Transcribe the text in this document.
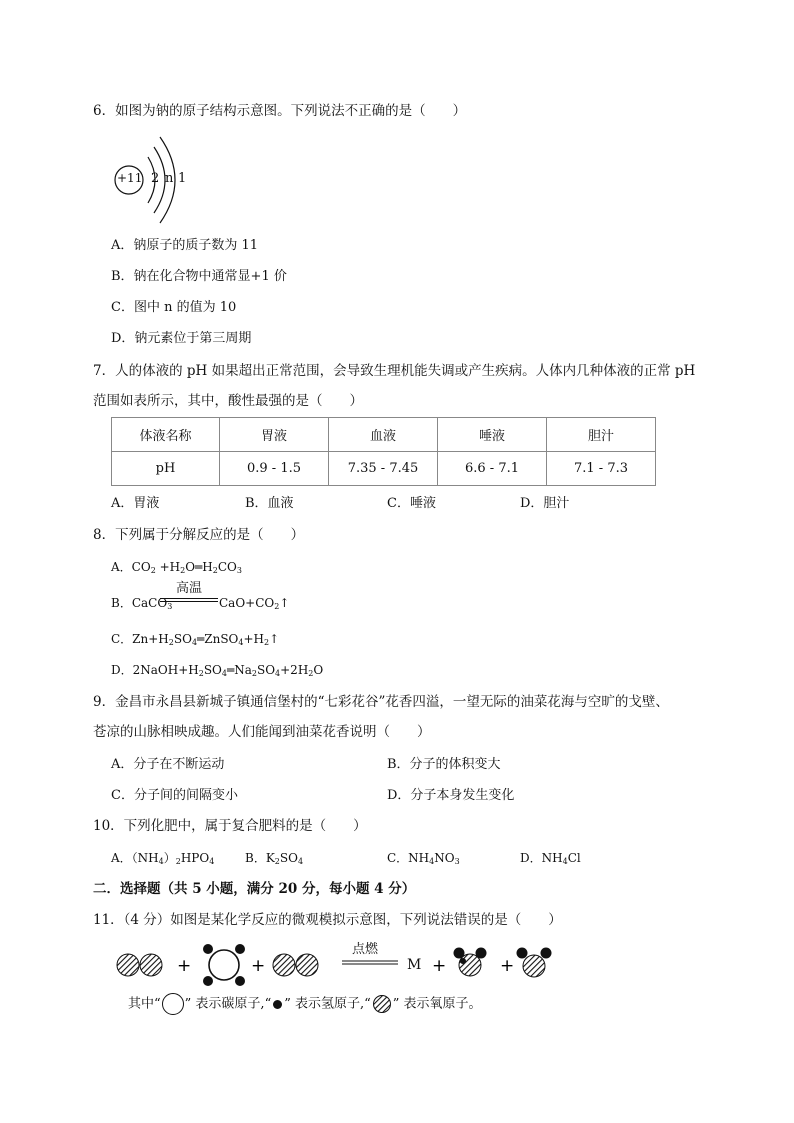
6．如图为钠的原子结构示意图。下列说法不正确的是（　　）
+11 2 n 1
A．钠原子的质子数为 11
B．钠在化合物中通常显+1 价
C．图中 n 的值为 10
D．钠元素位于第三周期
7．人的体液的 pH 如果超出正常范围，会导致生理机能失调或产生疾病。人体内几种体液的正常 pH
范围如表所示，其中，酸性最强的是（　　）
体液名称	胃液	血液	唾液	胆汁
pH	0.9 - 1.5	7.35 - 7.45	6.6 - 7.1	7.1 - 7.3
A．胃液	B．血液	C．唾液	D．胆汁
8．下列属于分解反应的是（　　）
A．$CO_2$ $+H_2O═H_2CO_3$
B．CaCO$_3$
高温
$CaO+CO_2↑$
C．$Zn+H_2SO_4═ZnSO_4+H_2↑$
D．$2NaOH+H_2SO_4═Na_2SO_4+2H_2O$
9．金昌市永昌县新城子镇通信堡村的“七彩花谷”花香四溢，一望无际的油菜花海与空旷的戈壁、
苍凉的山脉相映成趣。人们能闻到油菜花香说明（　　）
A．分子在不断运动	B．分子的体积变大
C．分子间的间隔变小	D．分子本身发生变化
10．下列化肥中，属于复合肥料的是（　　）
A．$(NH_4)_2HPO_4$	B．$K_2SO_4$	C．$NH_4NO_3$	D．$NH_4Cl$
二．选择题（共 5 小题，满分 20 分，每小题 4 分）
11．（4 分）如图是某化学反应的微观模拟示意图，下列说法错误的是（　　）
+	+	+	+
点燃
M
其中“ ” 表示碳原子,“ ” 表示氢原子,“ ” 表示氧原子。
